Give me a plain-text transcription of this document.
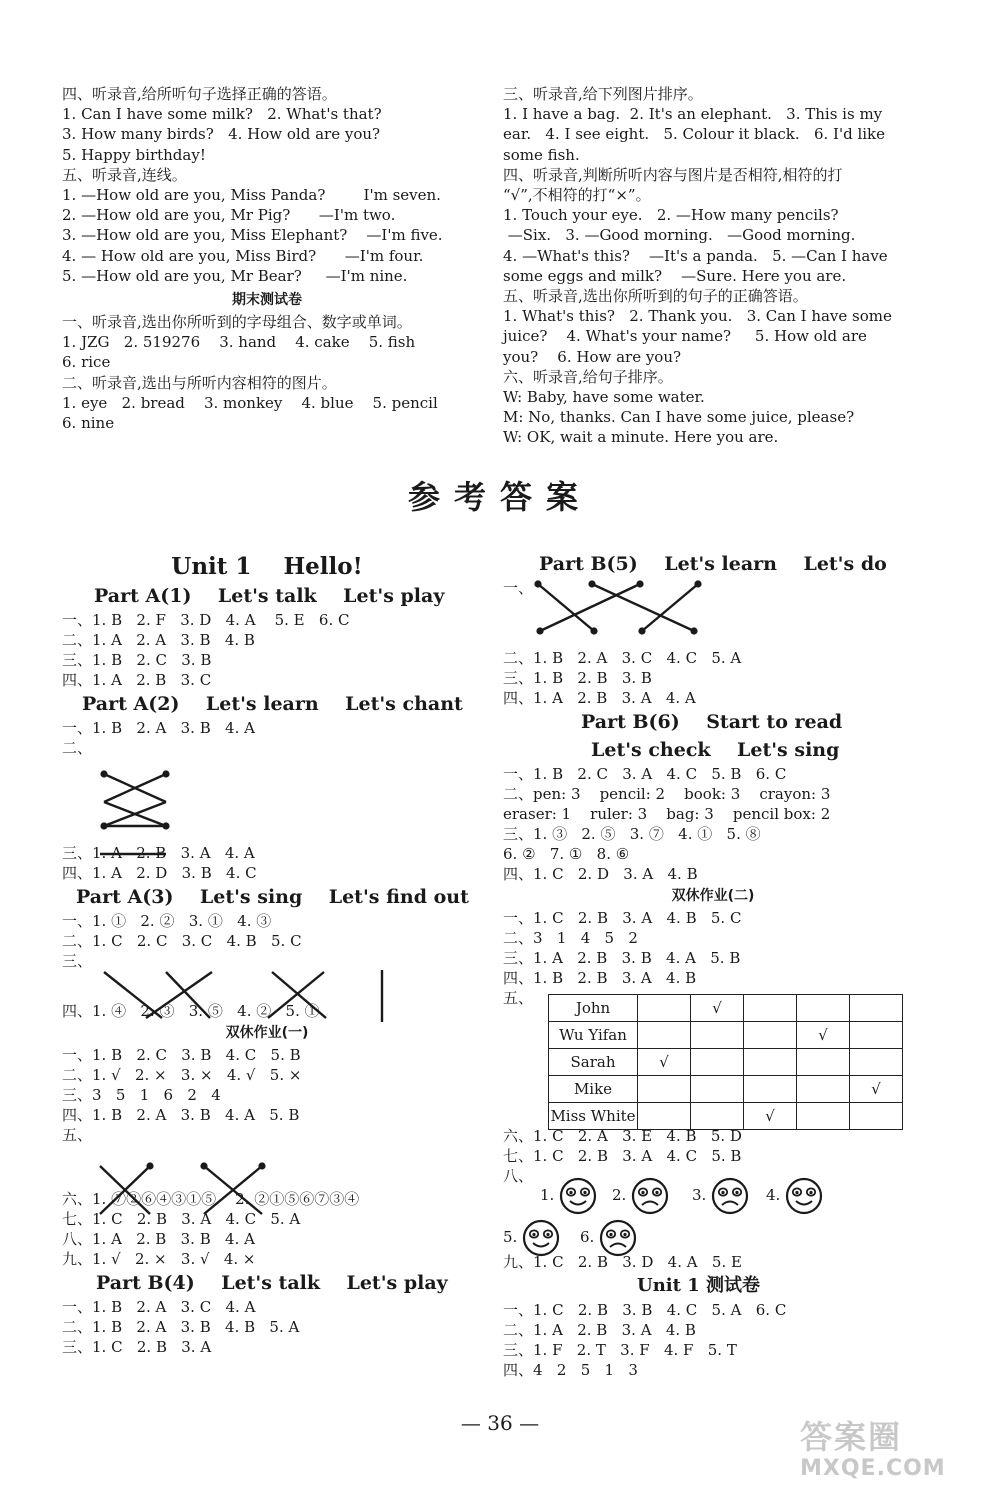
四、听录音,给所听句子选择正确的答语。
1. Can I have some milk?   2. What's that?
3. How many birds?   4. How old are you?
5. Happy birthday!
五、听录音,连线。
1. —How old are you, Miss Panda?        I'm seven.
2. —How old are you, Mr Pig?      —I'm two.
3. —How old are you, Miss Elephant?    —I'm five.
4. — How old are you, Miss Bird?      —I'm four.
5. —How old are you, Mr Bear?     —I'm nine.
期末测试卷
一、听录音,选出你所听到的字母组合、数字或单词。
1. JZG   2. 519276    3. hand    4. cake    5. fish
6. rice
二、听录音,选出与所听内容相符的图片。
1. eye   2. bread    3. monkey    4. blue    5. pencil
6. nine
三、听录音,给下列图片排序。
1. I have a bag.  2. It's an elephant.   3. This is my
ear.   4. I see eight.   5. Colour it black.   6. I'd like
some fish.
四、听录音,判断所听内容与图片是否相符,相符的打
“√”,不相符的打“×”。
1. Touch your eye.   2. —How many pencils?
—Six.   3. —Good morning.   —Good morning.
4. —What's this?    —It's a panda.   5. —Can I have
some eggs and milk?    —Sure. Here you are.
五、听录音,选出你所听到的句子的正确答语。
1. What's this?   2. Thank you.   3. Can I have some
juice?    4. What's your name?     5. How old are
you?    6. How are you?
六、听录音,给句子排序。
W: Baby, have some water.
M: No, thanks. Can I have some juice, please?
W: OK, wait a minute. Here you are.
参考答案
Unit 1    Hello!
Part A(1)    Let's talk    Let's play
一、1. B   2. F   3. D   4. A    5. E   6. C
二、1. A   2. A   3. B   4. B
三、1. B   2. C   3. B
四、1. A   2. B   3. C
Part A(2)    Let's learn    Let's chant
一、1. B   2. A   3. B   4. A
二、
三、1. A   2. B   3. A   4. A
四、1. A   2. D   3. B   4. C
Part A(3)    Let's sing    Let's find out
一、1. ①   2. ②   3. ①   4. ③
二、1. C   2. C   3. C   4. B   5. C
三、
四、1. ④   2. ③   3. ⑤   4. ②   5. ①
双休作业(一)
一、1. B   2. C   3. B   4. C   5. B
二、1. √   2. ×   3. ×   4. √   5. ×
三、3   5   1   6   2   4
四、1. B   2. A   3. B   4. A   5. B
五、
六、1. ⑦②⑥④③①⑤    2. ②①⑤⑥⑦③④
七、1. C   2. B   3. A   4. C   5. A
八、1. A   2. B   3. B   4. A
九、1. √   2. ×   3. √   4. ×
Part B(4)    Let's talk    Let's play
一、1. B   2. A   3. C   4. A
二、1. B   2. A   3. B   4. B   5. A
三、1. C   2. B   3. A
Part B(5)    Let's learn    Let's do
一、
二、1. B   2. A   3. C   4. C   5. A
三、1. B   2. B   3. B
四、1. A   2. B   3. A   4. A
Part B(6)    Start to read
Let's check    Let's sing
一、1. B   2. C   3. A   4. C   5. B   6. C
二、pen: 3    pencil: 2    book: 3    crayon: 3
eraser: 1    ruler: 3    bag: 3    pencil box: 2
三、1. ③   2. ⑤   3. ⑦   4. ①   5. ⑧
6. ②   7. ①   8. ⑥
四、1. C   2. D   3. A   4. B
双休作业(二)
一、1. C   2. B   3. A   4. B   5. C
二、3   1   4   5   2
三、1. A   2. B   3. B   4. A   5. B
四、1. B   2. B   3. A   4. B
五、
六、1. C   2. A   3. E   4. B   5. D
七、1. C   2. B   3. A   4. C   5. B
八、
九、1. C   2. B   3. D   4. A   5. E
Unit 1 测试卷
一、1. C   2. B   3. B   4. C   5. A   6. C
二、1. A   2. B   3. A   4. B
三、1. F   2. T   3. F   4. F   5. T
四、4   2   5   1   3
John		√			
Wu Yifan				√	
Sarah	√				
Mike					√
Miss White			√		
1.	2.	3.	4.
5.	6.
— 36 —	答案圈
MXQE.COM
